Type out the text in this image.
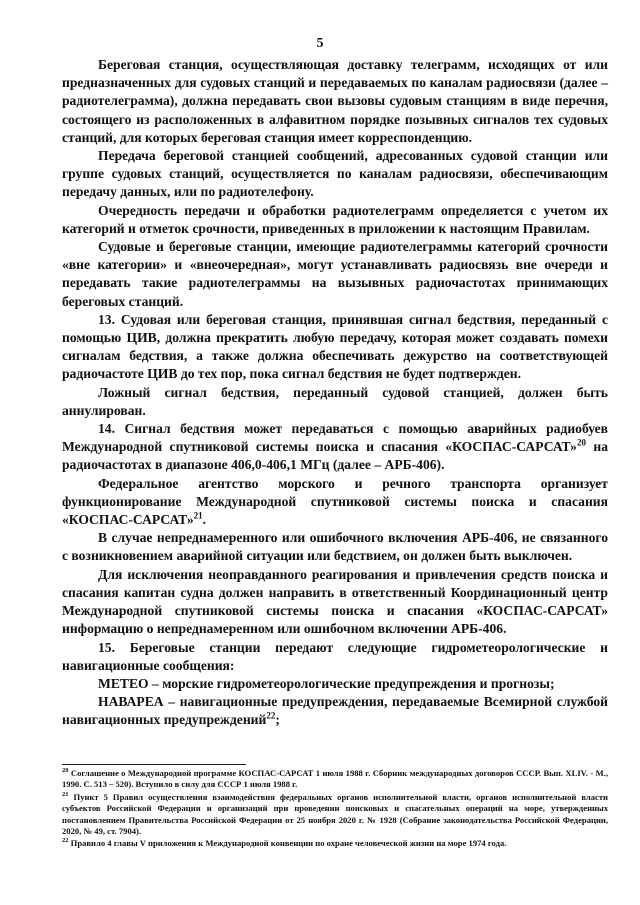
5

Береговая станция, осуществляющая доставку телеграмм, исходящих от или предназначенных для судовых станций и передаваемых по каналам радиосвязи (далее – радиотелеграмма), должна передавать свои вызовы судовым станциям в виде перечня, состоящего из расположенных в алфавитном порядке позывных сигналов тех судовых станций, для которых береговая станция имеет корреспонденцию.

Передача береговой станцией сообщений, адресованных судовой станции или группе судовых станций, осуществляется по каналам радиосвязи, обеспечивающим передачу данных, или по радиотелефону.

Очередность передачи и обработки радиотелеграмм определяется с учетом их категорий и отметок срочности, приведенных в приложении к настоящим Правилам.

Судовые и береговые станции, имеющие радиотелеграммы категорий срочности «вне категории» и «внеочередная», могут устанавливать радиосвязь вне очереди и передавать такие радиотелеграммы на вызывных радиочастотах принимающих береговых станций.

13. Судовая или береговая станция, принявшая сигнал бедствия, переданный с помощью ЦИВ, должна прекратить любую передачу, которая может создавать помехи сигналам бедствия, а также должна обеспечивать дежурство на соответствующей радиочастоте ЦИВ до тех пор, пока сигнал бедствия не будет подтвержден.

Ложный сигнал бедствия, переданный судовой станцией, должен быть аннулирован.

14. Сигнал бедствия может передаваться с помощью аварийных радиобуев Международной спутниковой системы поиска и спасания «КОСПАС-САРСАТ»$^{20}$ на радиочастотах в диапазоне 406,0-406,1 МГц (далее – АРБ-406).

Федеральное агентство морского и речного транспорта организует функционирование Международной спутниковой системы поиска и спасания «КОСПАС-САРСАТ»$^{21}$.

В случае непреднамеренного или ошибочного включения АРБ-406, не связанного с возникновением аварийной ситуации или бедствием, он должен быть выключен.

Для исключения неоправданного реагирования и привлечения средств поиска и спасания капитан судна должен направить в ответственный Координационный центр Международной спутниковой системы поиска и спасания «КОСПАС-САРСАТ» информацию о непреднамеренном или ошибочном включении АРБ-406.

15. Береговые станции передают следующие гидрометеорологические и навигационные сообщения:

МЕТЕО – морские гидрометеорологические предупреждения и прогнозы;

НАВАРЕА – навигационные предупреждения, передаваемые Всемирной службой навигационных предупреждений$^{22}$;

$^{20}$ Соглашение о Международной программе КОСПАС-САРСАТ 1 июля 1988 г. Сборник международных договоров СССР. Вып. XLIV. - М., 1990. С. 513 – 520). Вступило в силу для СССР 1 июля 1988 г.

$^{21}$ Пункт 5 Правил осуществления взаимодействия федеральных органов исполнительной власти, органов исполнительной власти субъектов Российской Федерации и организаций при проведении поисковых и спасательных операций на море, утвержденных постановлением Правительства Российской Федерации от 25 ноября 2020 г. № 1928 (Собрание законодательства Российской Федерации, 2020, № 49, ст. 7904).

$^{22}$ Правило 4 главы V приложения к Международной конвенции по охране человеческой жизни на море 1974 года.
